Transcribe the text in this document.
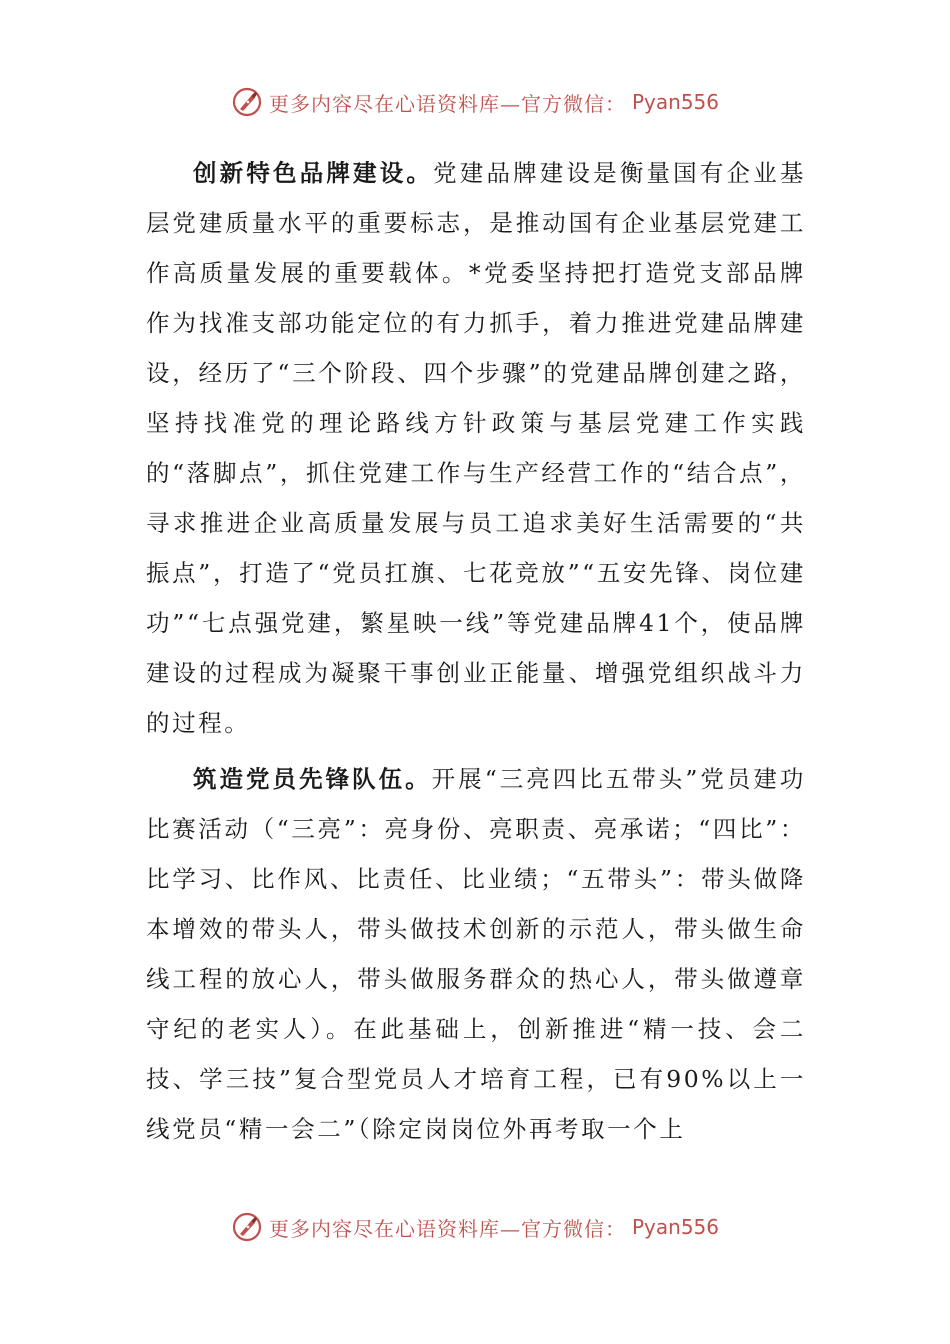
更多内容尽在心语资料库—官方微信： Pyan556

创新特色品牌建设。党建品牌建设是衡量国有企业基层党建质量水平的重要标志，是推动国有企业基层党建工作高质量发展的重要载体。*党委坚持把打造党支部品牌作为找准支部功能定位的有力抓手，着力推进党建品牌建设，经历了“三个阶段、四个步骤”的党建品牌创建之路，坚持找准党的理论路线方针政策与基层党建工作实践的“落脚点”，抓住党建工作与生产经营工作的“结合点”，寻求推进企业高质量发展与员工追求美好生活需要的“共振点”，打造了“党员扛旗、七花竞放”“五安先锋、岗位建功”“七点强党建，繁星映一线”等党建品牌41个，使品牌建设的过程成为凝聚干事创业正能量、增强党组织战斗力的过程。

筑造党员先锋队伍。开展“三亮四比五带头”党员建功比赛活动（“三亮”：亮身份、亮职责、亮承诺；“四比”：比学习、比作风、比责任、比业绩；“五带头”：带头做降本增效的带头人，带头做技术创新的示范人，带头做生命线工程的放心人，带头做服务群众的热心人，带头做遵章守纪的老实人）。在此基础上，创新推进“精一技、会二技、学三技”复合型党员人才培育工程，已有90%以上一线党员“精一会二”（除定岗岗位外再考取一个上

更多内容尽在心语资料库—官方微信： Pyan556
